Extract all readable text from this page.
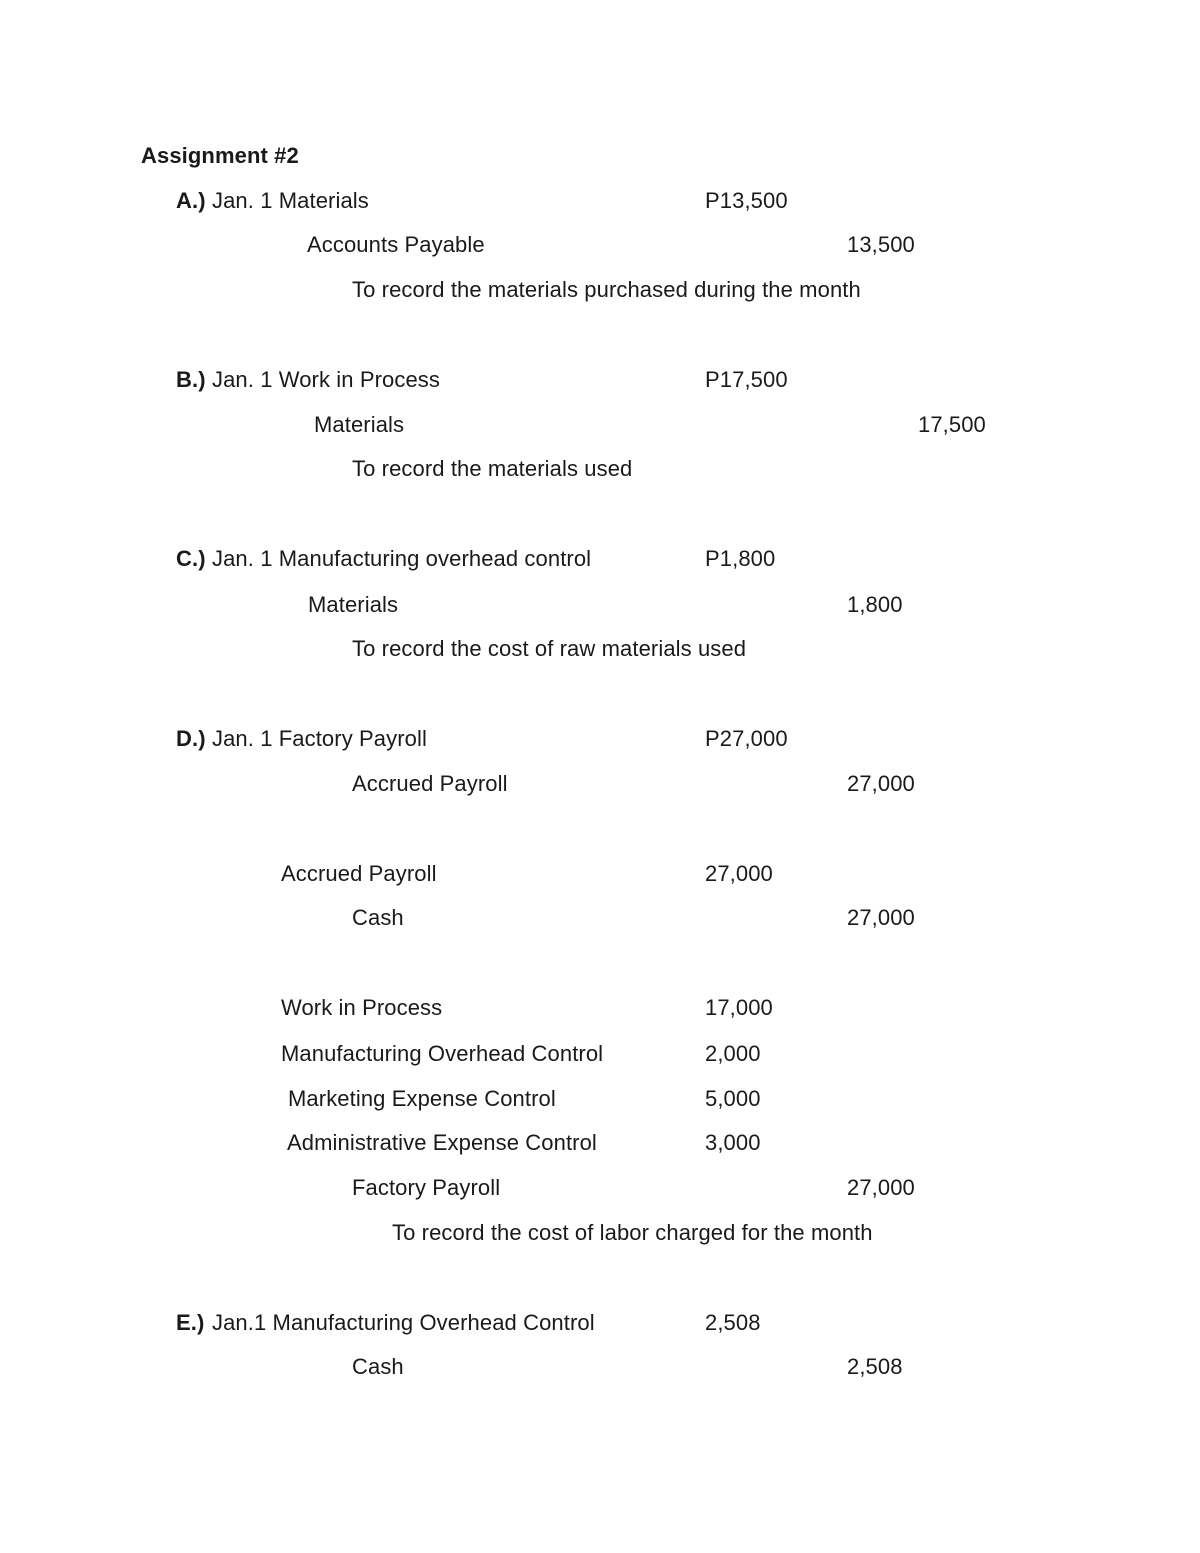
Assignment #2
A.) Jan. 1 Materials	P13,500
Accounts Payable	13,500
To record the materials purchased during the month
B.) Jan. 1 Work in Process	P17,500
Materials	17,500
To record the materials used
C.) Jan. 1 Manufacturing overhead control	P1,800
Materials	1,800
To record the cost of raw materials used
D.) Jan. 1 Factory Payroll	P27,000
Accrued Payroll	27,000
Accrued Payroll	27,000
Cash	27,000
Work in Process	17,000
Manufacturing Overhead Control	2,000
Marketing Expense Control	5,000
Administrative Expense Control	3,000
Factory Payroll	27,000
To record the cost of labor charged for the month
E.) Jan.1 Manufacturing Overhead Control	2,508
Cash	2,508
